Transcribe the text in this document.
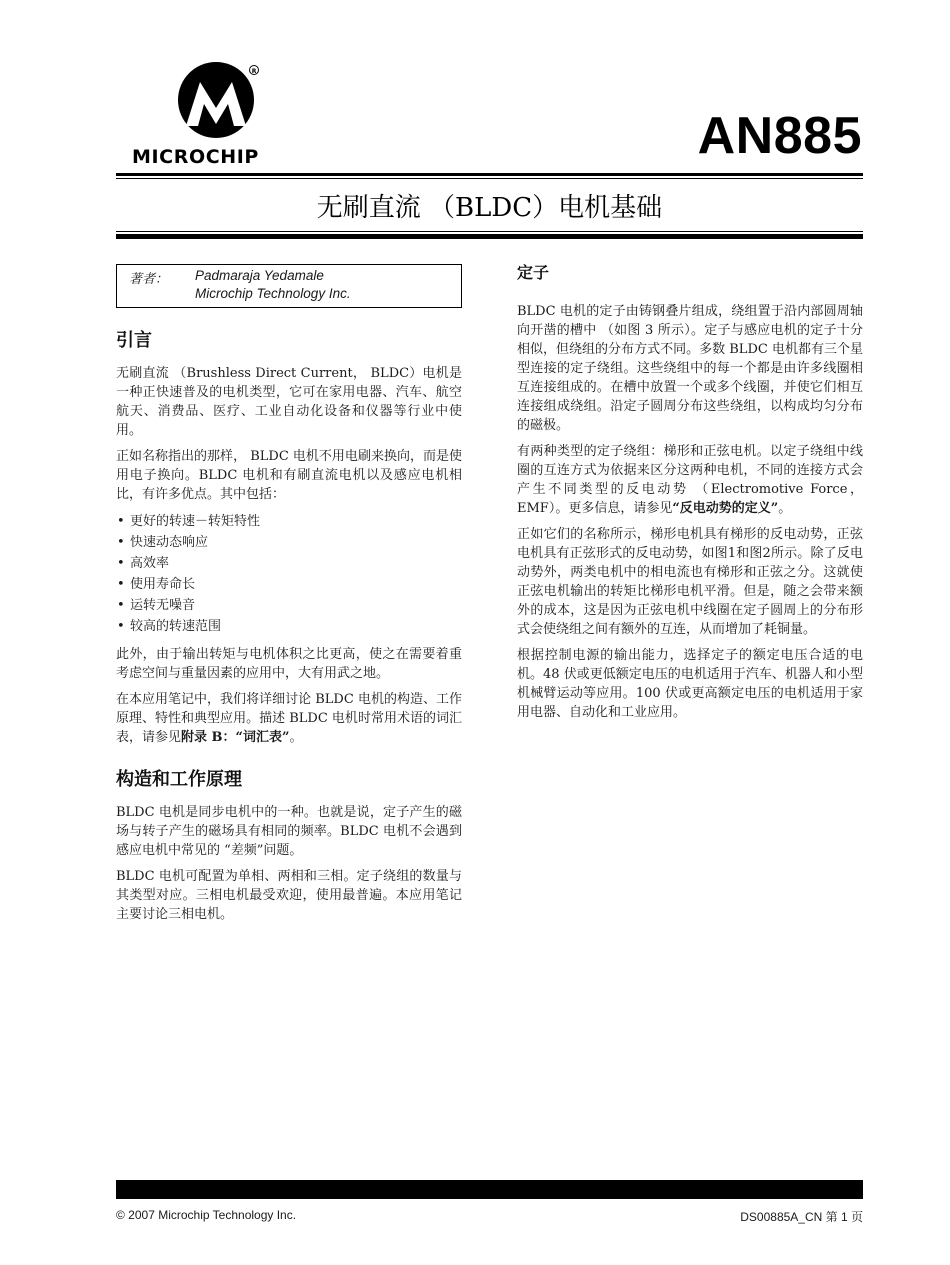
R
MICROCHIP	AN885
无刷直流 （BLDC）电机基础
著者： Padmaraja Yedamale
Microchip Technology Inc.
引言

无刷直流 （Brushless Direct Current， BLDC）电机是一种正快速普及的电机类型，它可在家用电器、汽车、航空航天、消费品、医疗、工业自动化设备和仪器等行业中使用。

正如名称指出的那样， BLDC 电机不用电刷来换向，而是使用电子换向。BLDC 电机和有刷直流电机以及感应电机相比，有许多优点。其中包括：

• 更好的转速－转矩特性
• 快速动态响应
• 高效率
• 使用寿命长
• 运转无噪音
• 较高的转速范围

此外，由于输出转矩与电机体积之比更高，使之在需要着重考虑空间与重量因素的应用中，大有用武之地。

在本应用笔记中，我们将详细讨论 BLDC 电机的构造、工作原理、特性和典型应用。描述 BLDC 电机时常用术语的词汇表，请参见附录 B：“词汇表”。

构造和工作原理

BLDC 电机是同步电机中的一种。也就是说，定子产生的磁场与转子产生的磁场具有相同的频率。BLDC 电机不会遇到感应电机中常见的 “差频”问题。

BLDC 电机可配置为单相、两相和三相。定子绕组的数量与其类型对应。三相电机最受欢迎，使用最普遍。本应用笔记主要讨论三相电机。

定子

BLDC 电机的定子由铸钢叠片组成，绕组置于沿内部圆周轴向开凿的槽中 （如图 3 所示）。定子与感应电机的定子十分相似，但绕组的分布方式不同。多数 BLDC 电机都有三个星型连接的定子绕组。这些绕组中的每一个都是由许多线圈相互连接组成的。在槽中放置一个或多个线圈，并使它们相互连接组成绕组。沿定子圆周分布这些绕组，以构成均匀分布的磁极。

有两种类型的定子绕组：梯形和正弦电机。以定子绕组中线圈的互连方式为依据来区分这两种电机，不同的连接方式会产生不同类型的反电动势 （Electromotive Force，EMF）。更多信息，请参见“反电动势的定义”。

正如它们的名称所示，梯形电机具有梯形的反电动势，正弦电机具有正弦形式的反电动势，如图1和图2所示。除了反电动势外，两类电机中的相电流也有梯形和正弦之分。这就使正弦电机输出的转矩比梯形电机平滑。但是，随之会带来额外的成本，这是因为正弦电机中线圈在定子圆周上的分布形式会使绕组之间有额外的互连，从而增加了耗铜量。

根据控制电源的输出能力，选择定子的额定电压合适的电机。48 伏或更低额定电压的电机适用于汽车、机器人和小型机械臂运动等应用。100 伏或更高额定电压的电机适用于家用电器、自动化和工业应用。

© 2007 Microchip Technology Inc.	DS00885A_CN 第 1 页
